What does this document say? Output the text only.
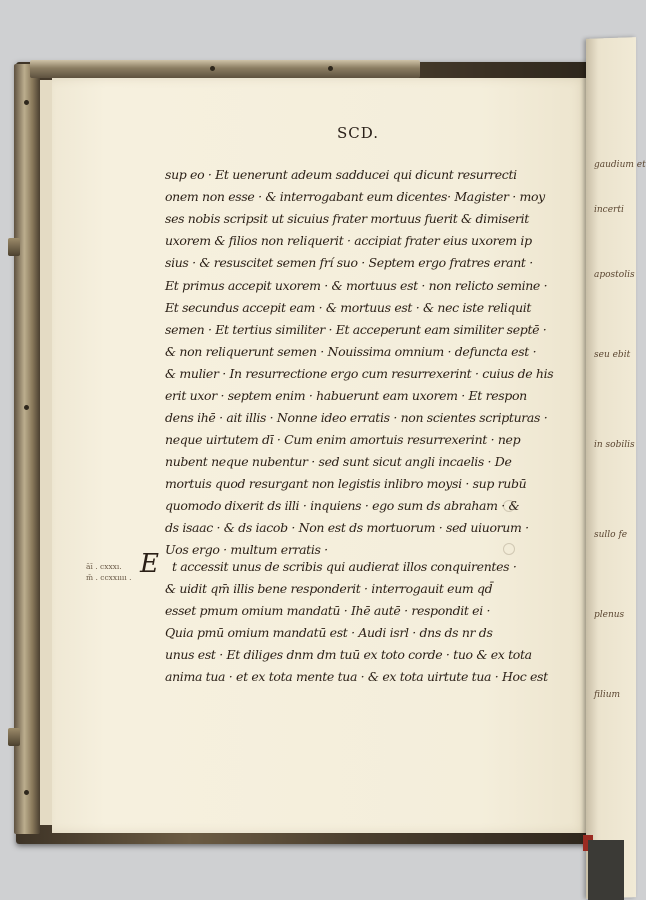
gaudium et
incerti
apostolis
seu ebit
in sobilis
sullo fe
plenus
filium
SCD.
sup eo · Et uenerunt adeum sadducei qui dicunt resurrecti
onem non esse · & interrogabant eum dicentes· Magister · moy
ses nobis scripsit ut sicuius frater mortuus fuerit & dimiserit
uxorem & filios non reliquerit · accipiat frater eius uxorem ip
sius · & resuscitet semen frí suo · Septem ergo fratres erant ·
Et primus accepit uxorem · & mortuus est · non relicto semine ·
Et secundus accepit eam · & mortuus est · & nec iste reliquit
semen · Et tertius similiter · Et acceperunt eam similiter septē ·
& non reliquerunt semen · Nouissima omnium · defuncta est ·
& mulier · In resurrectione ergo cum resurrexerint · cuius de his
erit uxor · septem enim · habuerunt eam uxorem · Et respon
dens ihē · ait illis · Nonne ideo erratis · non scientes scripturas ·
neque uirtutem dī · Cum enim amortuis resurrexerint · nep
nubent neque nubentur · sed sunt sicut angli incaelis · De
mortuis quod resurgant non legistis inlibro moysi · sup rubū
quomodo dixerit ds illi · inquiens · ego sum ds abraham · &
ds isaac · & ds iacob · Non est ds mortuorum · sed uiuorum ·
Uos ergo · multum erratis ·
āī . cxxxı.
m̄ . ccxxıııı . E t accessit unus de scribis qui audierat illos conquirentes ·
& uidit qm̄ illis bene responderit · interrogauit eum qd̄
esset pmum omium mandatū · Ihē autē · respondit ei ·
Quia pmū omium mandatū est · Audi isrl · dns ds nr ds
unus est · Et diliges dnm dm tuū ex toto corde · tuo & ex tota
anima tua · et ex tota mente tua · & ex tota uirtute tua · Hoc est
